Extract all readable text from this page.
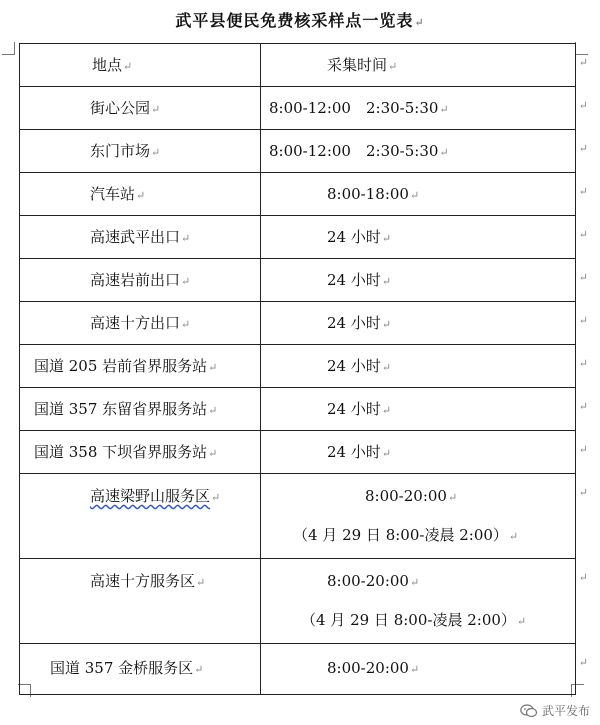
武平县便民免费核采样点一览表↵
地点↵	采集时间↵	↵
街心公园↵	8:00-12:00　2:30-5:30↵	↵
东门市场↵	8:00-12:00　2:30-5:30↵	↵
汽车站↵	8:00-18:00↵	↵
高速武平出口↵	24 小时↵	↵
高速岩前出口↵	24 小时↵	↵
高速十方出口↵	24 小时↵	↵
国道 205 岩前省界服务站↵	24 小时↵	↵
国道 357 东留省界服务站↵	24 小时↵	↵
国道 358 下坝省界服务站↵	24 小时↵	↵
高速梁野山服务区↵	8:00-20:00↵
（4 月 29 日 8:00-凌晨 2:00）↵
↵
高速十方服务区↵	8:00-20:00↵
（4 月 29 日 8:00-凌晨 2:00）↵
↵
国道 357 金桥服务区↵	8:00-20:00↵
↵
武平发布
